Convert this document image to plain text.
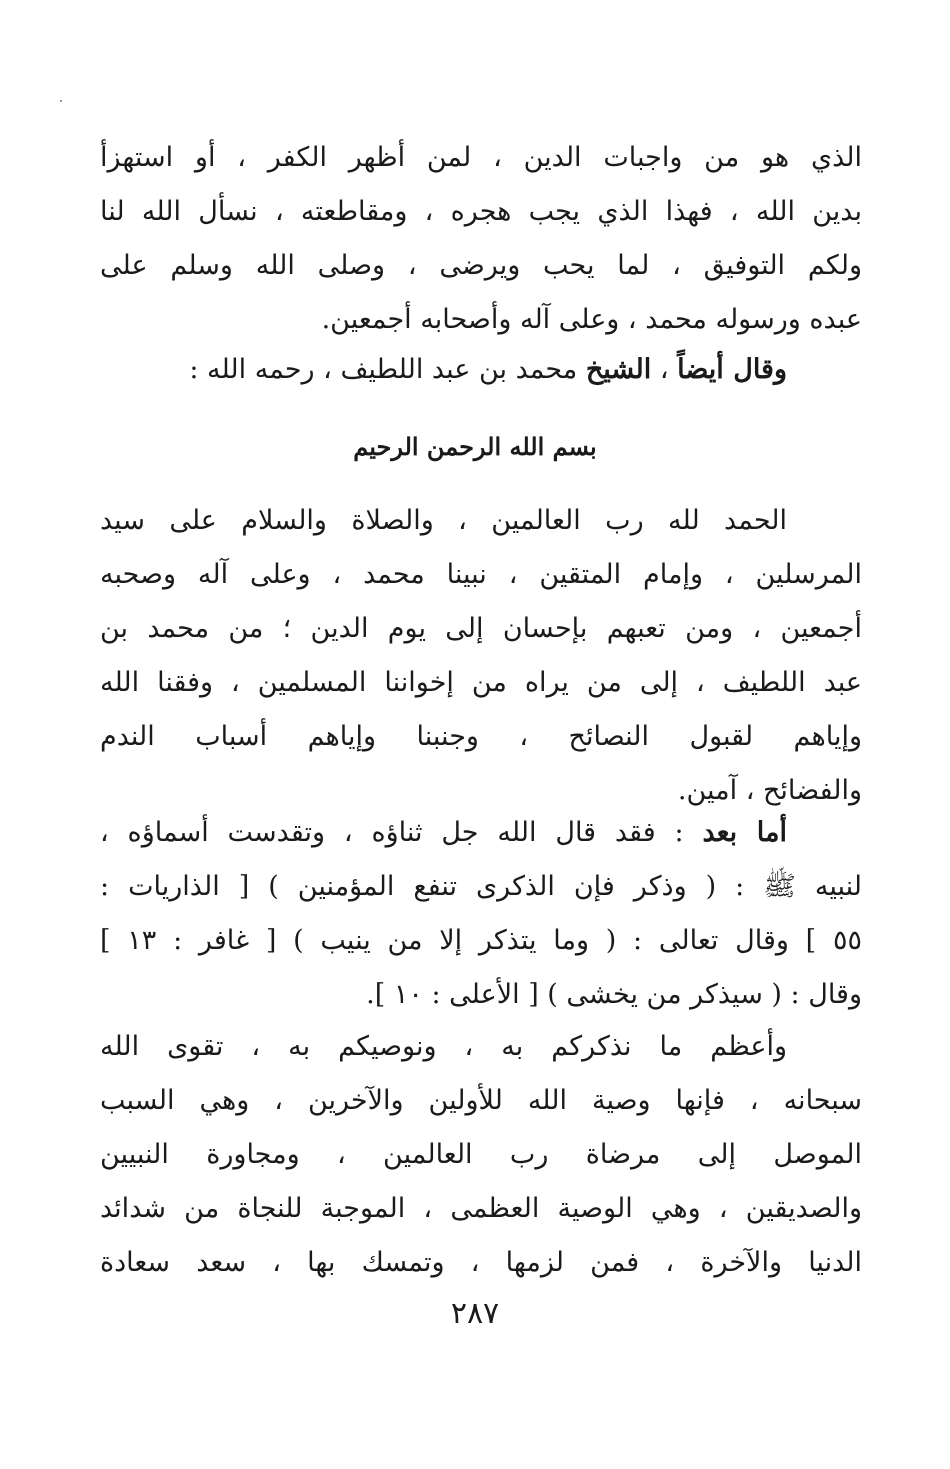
الذي هو من واجبات الدين ، لمن أظهر الكفر ، أو استهزأ
بدين الله ، فهذا الذي يجب هجره ، ومقاطعته ، نسأل الله لنا
ولكم التوفيق ، لما يحب ويرضى ، وصلى الله وسلم على
عبده ورسوله محمد ، وعلى آله وأصحابه أجمعين.
وقال أيضاً ، الشيخ محمد بن عبد اللطيف ، رحمه الله :
بسم الله الرحمن الرحيم
الحمد لله رب العالمين ، والصلاة والسلام على سيد
المرسلين ، وإمام المتقين ، نبينا محمد ، وعلى آله وصحبه
أجمعين ، ومن تعبهم بإحسان إلى يوم الدين ؛ من محمد بن
عبد اللطيف ، إلى من يراه من إخواننا المسلمين ، وفقنا الله
وإياهم لقبول النصائح ، وجنبنا وإياهم أسباب الندم
والفضائح ، آمين.
أما بعد : فقد قال الله جل ثناؤه ، وتقدست أسماؤه ،
لنبيه ﷺ : ( وذكر فإن الذكرى تنفع المؤمنين ) [ الذاريات :
٥٥ ] وقال تعالى : ( وما يتذكر إلا من ينيب ) [ غافر : ١٣ ]
وقال : ( سيذكر من يخشى ) [ الأعلى : ١٠ ].
وأعظم ما نذكركم به ، ونوصيكم به ، تقوى الله
سبحانه ، فإنها وصية الله للأولين والآخرين ، وهي السبب
الموصل إلى مرضاة رب العالمين ، ومجاورة النبيين
والصديقين ، وهي الوصية العظمى ، الموجبة للنجاة من شدائد
الدنيا والآخرة ، فمن لزمها ، وتمسك بها ، سعد سعادة
٢٨٧
